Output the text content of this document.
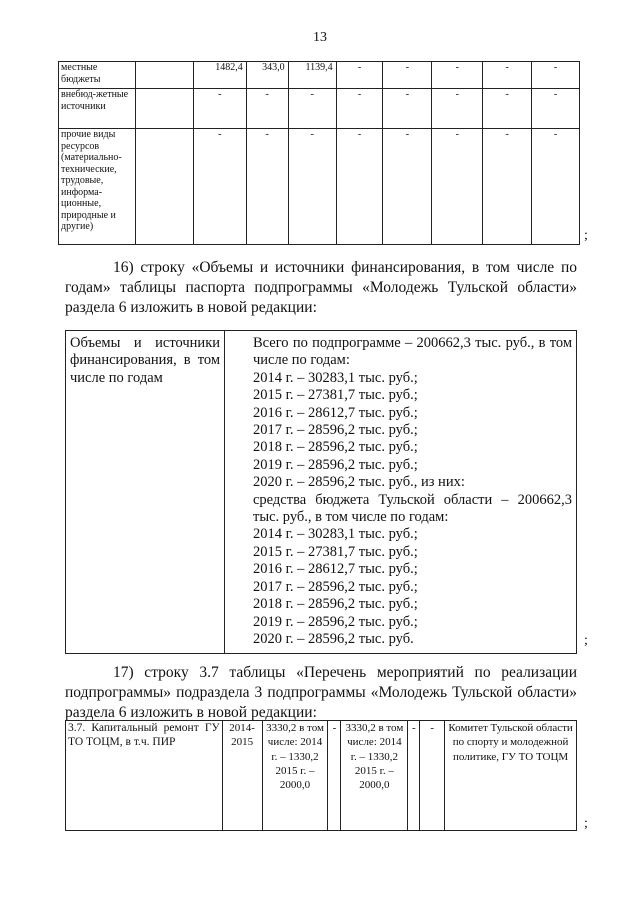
13
местные бюджеты		1482,4	343,0	1139,4	-	-	-	-	-
внебюд-жетные источники		-	-	-	-	-	-	-	-
прочие виды ресурсов (материально-технические, трудовые, информа-ционные, природные и другие)		-	-	-	-	-	-	-	-
;
16) строку «Объемы и источники финансирования, в том числе по годам» таблицы паспорта подпрограммы «Молодежь Тульской области» раздела 6 изложить в новой редакции:
Объемы и источники финансирования, в том числе по годам	
Всего по подпрограмме – 200662,3 тыс. руб., в том числе по годам:
2014 г. – 30283,1 тыс. руб.;
2015 г. – 27381,7 тыс. руб.;
2016 г. – 28612,7 тыс. руб.;
2017 г. – 28596,2 тыс. руб.;
2018 г. – 28596,2 тыс. руб.;
2019 г. – 28596,2 тыс. руб.;
2020 г. – 28596,2 тыс. руб., из них:
средства бюджета Тульской области – 200662,3 тыс. руб., в том числе по годам:
2014 г. – 30283,1 тыс. руб.;
2015 г. – 27381,7 тыс. руб.;
2016 г. – 28612,7 тыс. руб.;
2017 г. – 28596,2 тыс. руб.;
2018 г. – 28596,2 тыс. руб.;
2019 г. – 28596,2 тыс. руб.;
2020 г. – 28596,2 тыс. руб.	;
17) строку 3.7 таблицы «Перечень мероприятий по реализации подпрограммы» подраздела 3 подпрограммы «Молодежь Тульской области» раздела 6 изложить в новой редакции:
3.7. Капитальный ремонт ГУ ТО ТОЦМ, в т.ч. ПИР	2014-2015	3330,2 в том числе: 2014 г. – 1330,2 2015 г. – 2000,0	-	3330,2 в том числе: 2014 г. – 1330,2 2015 г. – 2000,0	-	-	Комитет Тульской области по спорту и молодежной политике, ГУ ТО ТОЦМ
;
